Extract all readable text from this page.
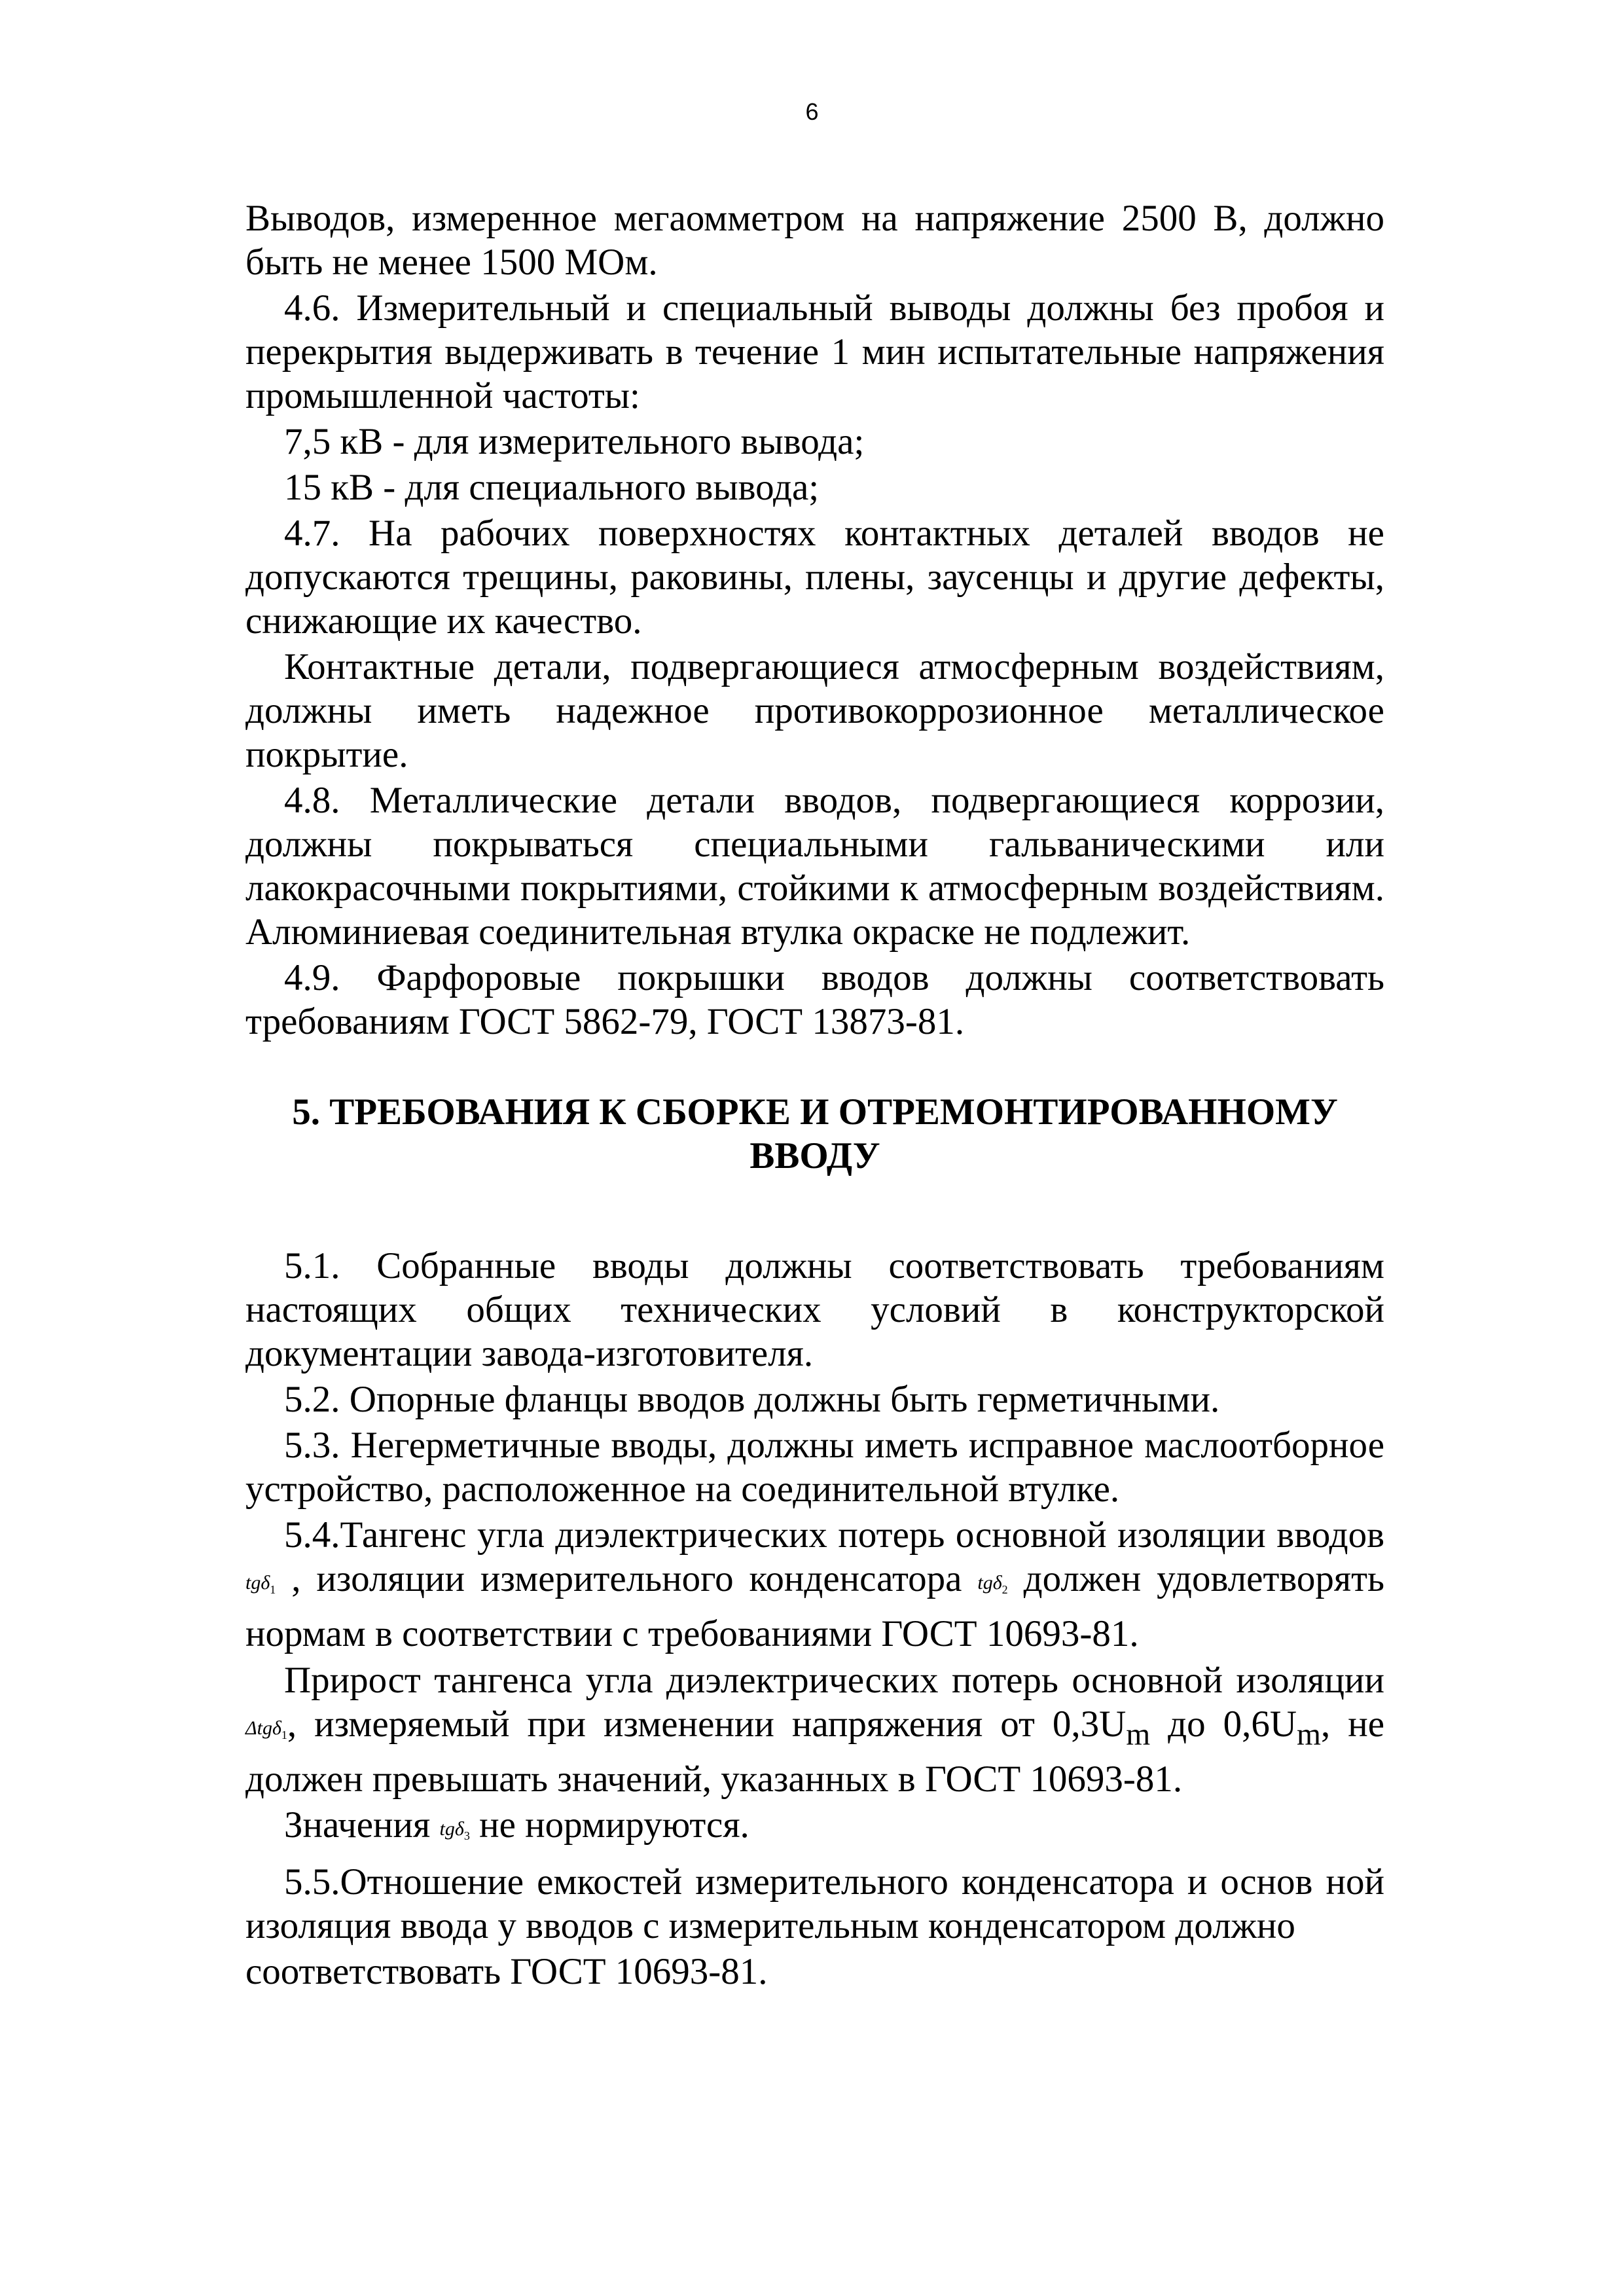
6

Выводов, измеренное мегаомметром на напряжение 2500 В, должно быть не менее 1500 МОм.

4.6. Измерительный и специальный выводы должны без пробоя и перекрытия выдерживать в течение 1 мин испытательные напряжения промышленной частоты:

7,5 кВ - для измерительного вывода;

15 кВ - для специального вывода;

4.7. На рабочих поверхностях контактных деталей вводов не допускаются трещины, раковины, плены, заусенцы и другие дефекты, снижающие их качество.

Контактные детали, подвергающиеся атмосферным воздействиям, должны иметь надежное противокоррозионное металлическое покрытие.

4.8. Металлические детали вводов, подвергающиеся коррозии, должны покрываться специальными гальваническими или лакокрасочными покрытиями, стойкими к атмосферным воздействиям. Алюминиевая соединительная втулка окраске не подлежит.

4.9. Фарфоровые покрышки вводов должны соответствовать требованиям ГОСТ 5862-79, ГОСТ 13873-81.

5. ТРЕБОВАНИЯ К СБОРКЕ И ОТРЕМОНТИРОВАННОМУ
ВВОДУ

5.1. Собранные вводы должны соответствовать требованиям настоящих общих технических условий в конструкторской документации завода-изготовителя.

5.2. Опорные фланцы вводов должны быть герметичными.

5.3. Негерметичные вводы, должны иметь исправное маслоотборное устройство, расположенное на соединительной втулке.

5.4.Тангенс угла диэлектрических потерь основной изоляции вводов tgδ$_1$ , изоляции измерительного конденсатора tgδ$_2$ должен удовлетворять нормам в соответствии с требованиями ГОСТ 10693-81.

Прирост тангенса угла диэлектрических потерь основной изоляции Δtgδ$_1$, измеряемый при изменении напряжения от $0,3U_m$ до $0,6U_m$, не должен превышать значений, указанных в ГОСТ 10693-81.

Значения tgδ$_3$ не нормируются.

5.5.Отношение емкостей измерительного конденсатора и основ ной изоляция ввода у вводов с измерительным конденсатором должно

соответствовать ГОСТ 10693-81.
